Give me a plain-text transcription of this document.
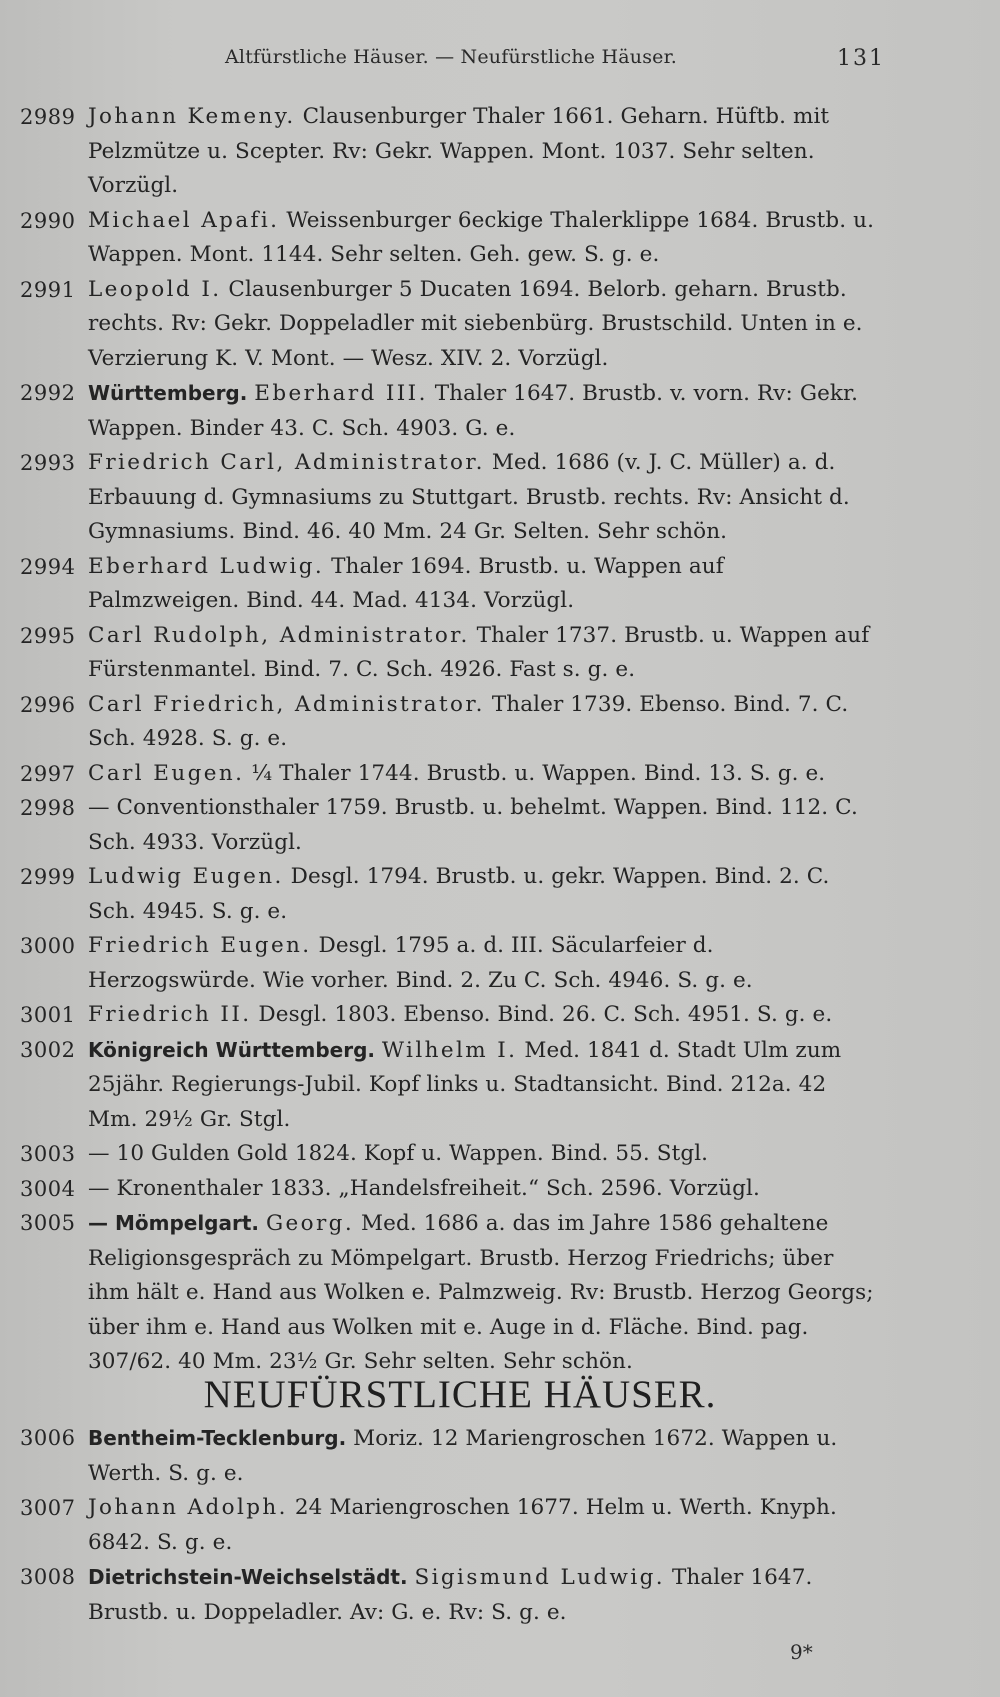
Altfürstliche Häuser. — Neufürstliche Häuser.	131
2989 Johann Kemeny. Clausenburger Thaler 1661. Geharn. Hüftb. mit Pelzmütze u. Scepter. Rv: Gekr. Wappen. Mont. 1037. Sehr selten. Vorzügl.
2990 Michael Apafi. Weissenburger 6eckige Thalerklippe 1684. Brustb. u. Wappen. Mont. 1144. Sehr selten. Geh. gew. S. g. e.
2991 Leopold I. Clausenburger 5 Ducaten 1694. Belorb. geharn. Brustb. rechts. Rv: Gekr. Doppeladler mit siebenbürg. Brustschild. Unten in e. Verzierung K. V. Mont. — Wesz. XIV. 2. Vorzügl.
2992 Württemberg. Eberhard III. Thaler 1647. Brustb. v. vorn. Rv: Gekr. Wappen. Binder 43. C. Sch. 4903. G. e.
2993 Friedrich Carl, Administrator. Med. 1686 (v. J. C. Müller) a. d. Erbauung d. Gymnasiums zu Stuttgart. Brustb. rechts. Rv: Ansicht d. Gymnasiums. Bind. 46. 40 Mm. 24 Gr. Selten. Sehr schön.
2994 Eberhard Ludwig. Thaler 1694. Brustb. u. Wappen auf Palmzweigen. Bind. 44. Mad. 4134. Vorzügl.
2995 Carl Rudolph, Administrator. Thaler 1737. Brustb. u. Wappen auf Fürstenmantel. Bind. 7. C. Sch. 4926. Fast s. g. e.
2996 Carl Friedrich, Administrator. Thaler 1739. Ebenso. Bind. 7. C. Sch. 4928. S. g. e.
2997 Carl Eugen. ¼ Thaler 1744. Brustb. u. Wappen. Bind. 13. S. g. e.
2998 — Conventionsthaler 1759. Brustb. u. behelmt. Wappen. Bind. 112. C. Sch. 4933. Vorzügl.
2999 Ludwig Eugen. Desgl. 1794. Brustb. u. gekr. Wappen. Bind. 2. C. Sch. 4945. S. g. e.
3000 Friedrich Eugen. Desgl. 1795 a. d. III. Säcularfeier d. Herzogswürde. Wie vorher. Bind. 2. Zu C. Sch. 4946. S. g. e.
3001 Friedrich II. Desgl. 1803. Ebenso. Bind. 26. C. Sch. 4951. S. g. e.
3002 Königreich Württemberg. Wilhelm I. Med. 1841 d. Stadt Ulm zum 25jähr. Regierungs-Jubil. Kopf links u. Stadtansicht. Bind. 212a. 42 Mm. 29½ Gr. Stgl.
3003 — 10 Gulden Gold 1824. Kopf u. Wappen. Bind. 55. Stgl.
3004 — Kronenthaler 1833. „Handelsfreiheit.“ Sch. 2596. Vorzügl.
3005 — Mömpelgart. Georg. Med. 1686 a. das im Jahre 1586 gehaltene Religionsgespräch zu Mömpelgart. Brustb. Herzog Friedrichs; über ihm hält e. Hand aus Wolken e. Palmzweig. Rv: Brustb. Herzog Georgs; über ihm e. Hand aus Wolken mit e. Auge in d. Fläche. Bind. pag. 307/62. 40 Mm. 23½ Gr. Sehr selten. Sehr schön.
NEUFÜRSTLICHE HÄUSER.
3006 Bentheim-Tecklenburg. Moriz. 12 Mariengroschen 1672. Wappen u. Werth. S. g. e.
3007 Johann Adolph. 24 Mariengroschen 1677. Helm u. Werth. Knyph. 6842. S. g. e.
3008 Dietrichstein-Weichselstädt. Sigismund Ludwig. Thaler 1647. Brustb. u. Doppeladler. Av: G. e. Rv: S. g. e.
9*
